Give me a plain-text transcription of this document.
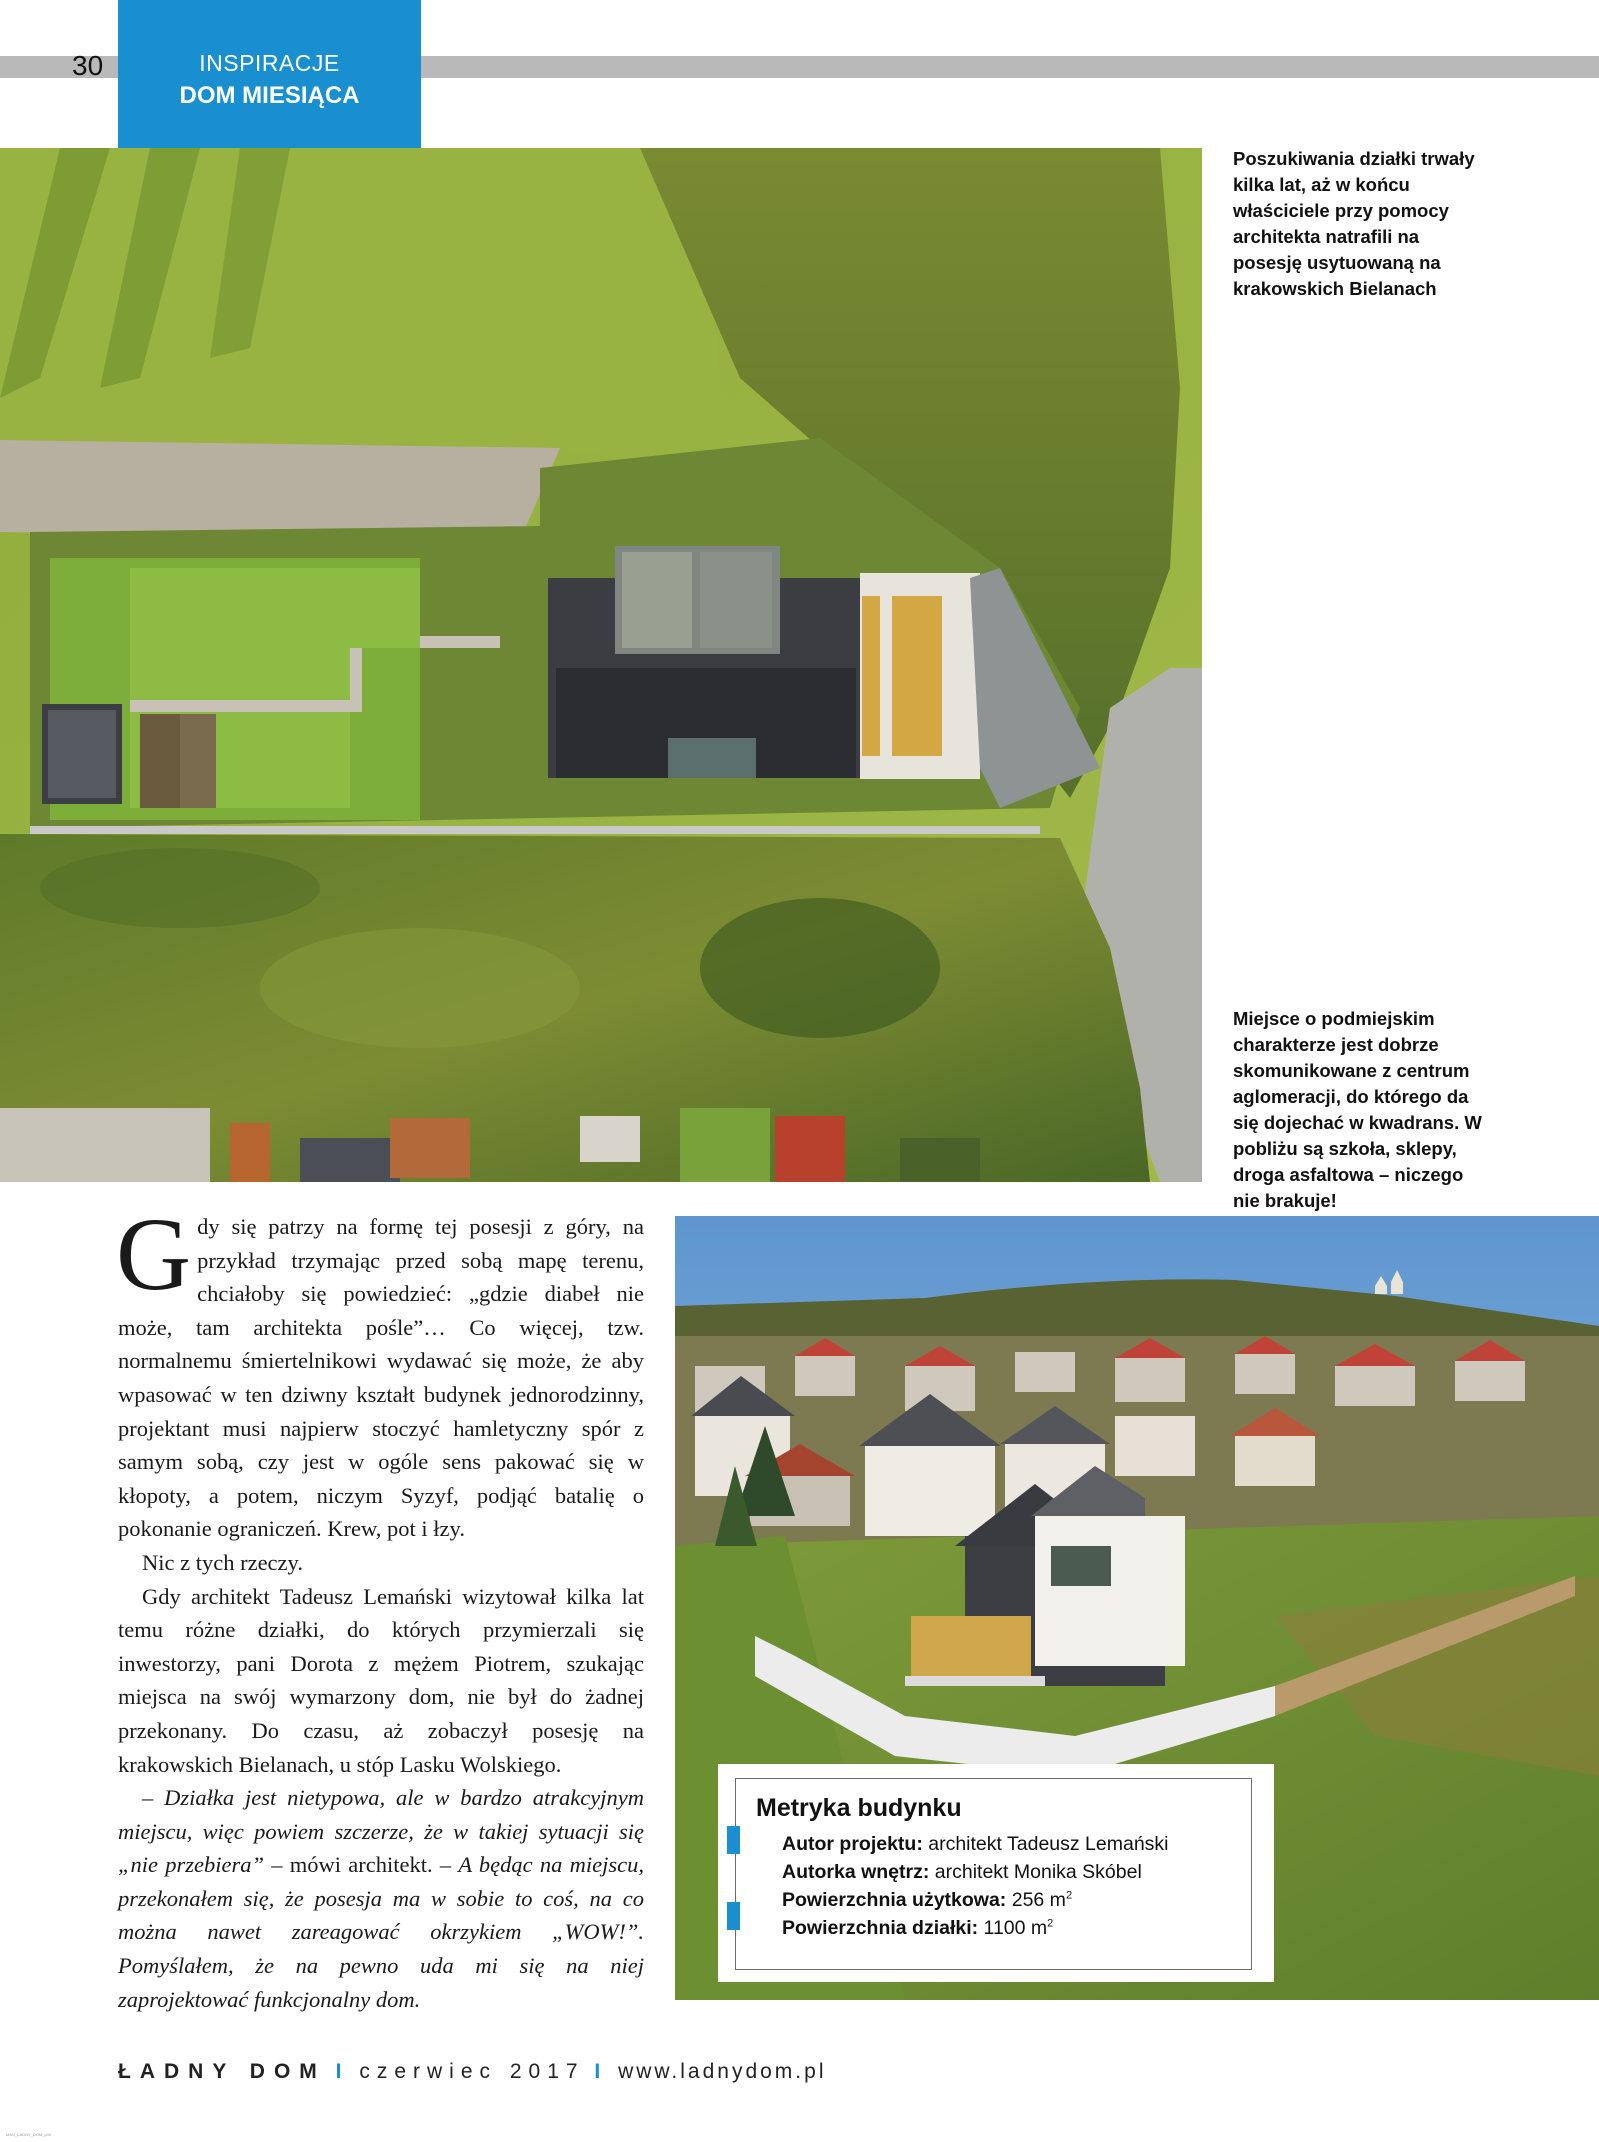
30	INSPIRACJE
DOM MIESIĄCA
Poszukiwania działki trwały kilka lat, aż w końcu właściciele przy pomocy architekta natrafili na posesję usytuowaną na krakowskich Bielanach
Miejsce o podmiejskim charakterze jest dobrze skomunikowane z centrum aglomeracji, do którego da się dojechać w kwadrans. W pobliżu są szkoła, sklepy, droga asfaltowa – niczego nie brakuje!

Gdy się patrzy na formę tej posesji z góry, na przykład trzymając przed sobą mapę terenu, chciałoby się powiedzieć: „gdzie diabeł nie może, tam architekta pośle”… Co więcej, tzw. normalnemu śmiertelnikowi wydawać się może, że aby wpasować w ten dziwny kształt budynek jednorodzinny, projektant musi najpierw stoczyć hamletyczny spór z samym sobą, czy jest w ogóle sens pakować się w kłopoty, a potem, niczym Syzyf, podjąć batalię o pokonanie ograniczeń. Krew, pot i łzy.

Nic z tych rzeczy.

Gdy architekt Tadeusz Lemański wizytował kilka lat temu różne działki, do których przymierzali się inwestorzy, pani Dorota z mężem Piotrem, szukając miejsca na swój wymarzony dom, nie był do żadnej przekonany. Do czasu, aż zobaczył posesję na krakowskich Bielanach, u stóp Lasku Wolskiego.

– Działka jest nietypowa, ale w bardzo atrakcyjnym miejscu, więc powiem szczerze, że w takiej sytuacji się „nie przebiera” – mówi architekt. – A będąc na miejscu, przekonałem się, że posesja ma w sobie to coś, na co można nawet zareagować okrzykiem „WOW!”. Pomyślałem, że na pewno uda mi się na niej zaprojektować funkcjonalny dom.

Metryka budynku
Autor projektu: architekt Tadeusz Lemański
Autorka wnętrz: architekt Monika Skóbel
Powierzchnia użytkowa: 256 $m^2$
Powierzchnia działki: 1100 $m^2$
ŁADNY DOM I czerwiec 2017 I www.ladnydom.pl
MAG_LADNY_DOM_p30
